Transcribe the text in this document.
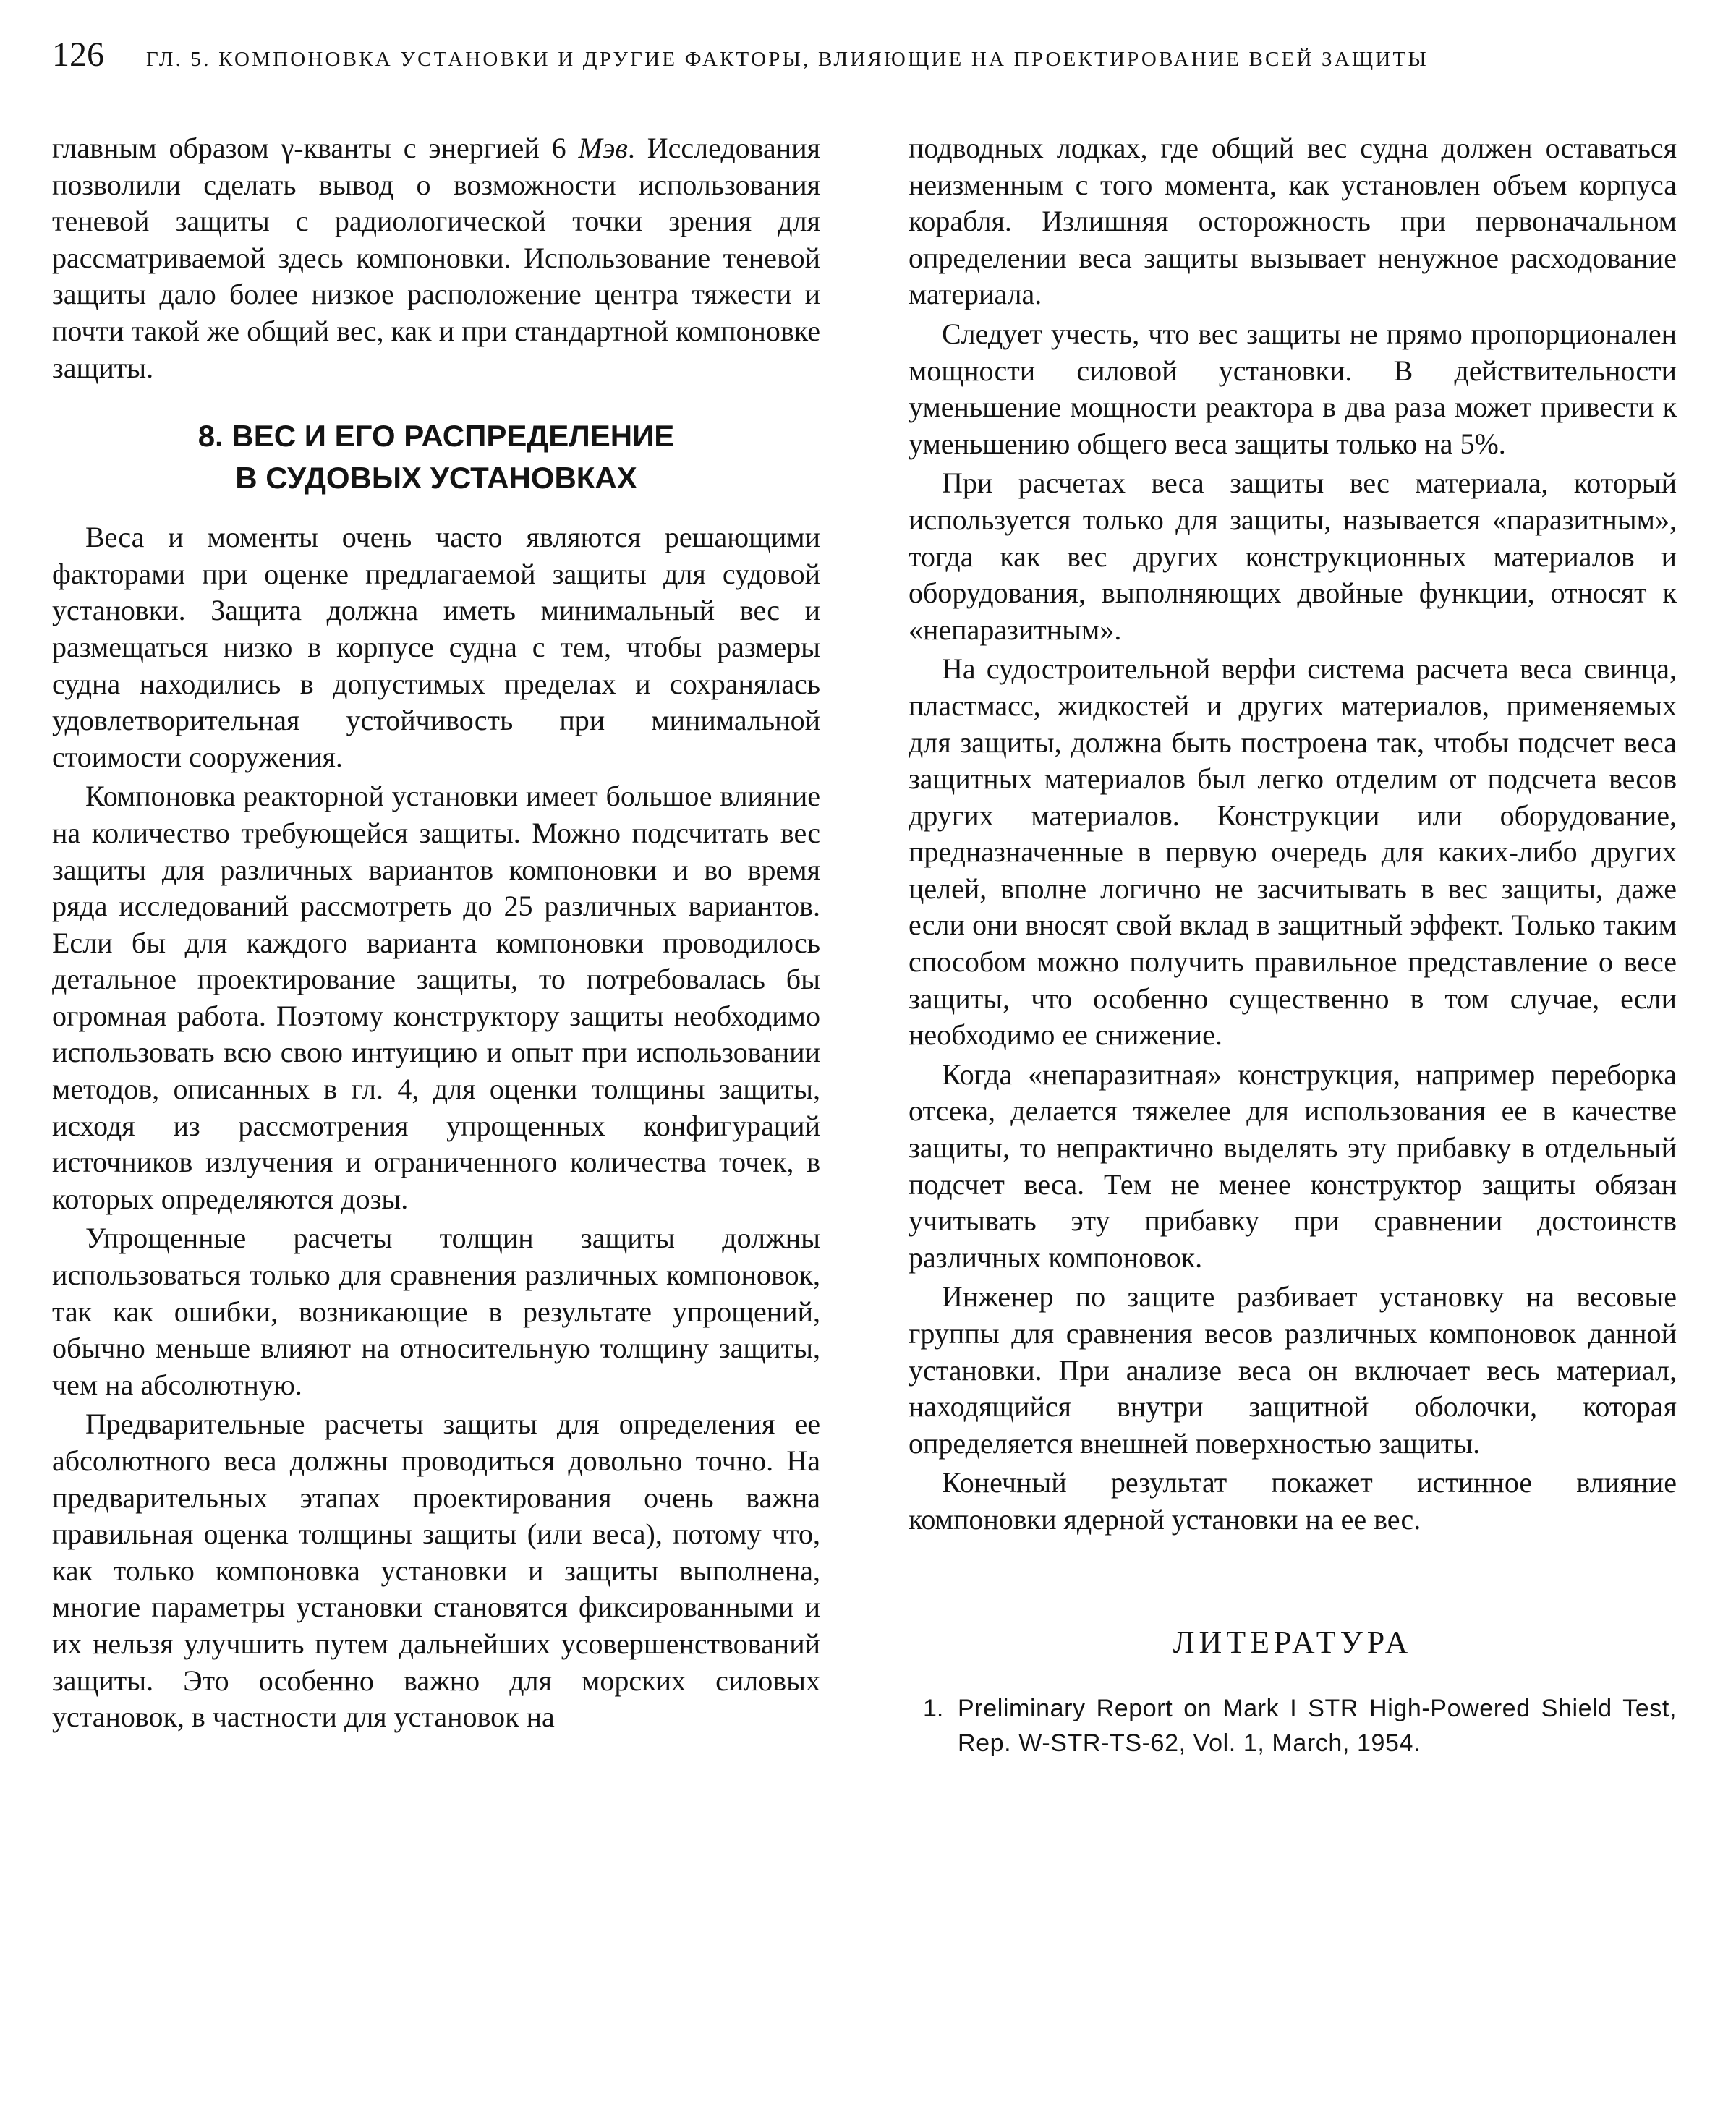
126 ГЛ. 5. КОМПОНОВКА УСТАНОВКИ И ДРУГИЕ ФАКТОРЫ, ВЛИЯЮЩИЕ НА ПРОЕКТИРОВАНИЕ ВСЕЙ ЗАЩИТЫ

главным образом γ-кванты с энергией 6 Мэв. Исследования позволили сделать вывод о возможности использования теневой защиты с радиологической точки зрения для рассматриваемой здесь компоновки. Использование теневой защиты дало более низкое расположение центра тяжести и почти такой же общий вес, как и при стандартной компоновке защиты.

8. ВЕС И ЕГО РАСПРЕДЕЛЕНИЕ
В СУДОВЫХ УСТАНОВКАХ

Веса и моменты очень часто являются решающими факторами при оценке предлагаемой защиты для судовой установки. Защита должна иметь минимальный вес и размещаться низко в корпусе судна с тем, чтобы размеры судна находились в допустимых пределах и сохранялась удовлетворительная устойчивость при минимальной стоимости сооружения.

Компоновка реакторной установки имеет большое влияние на количество требующейся защиты. Можно подсчитать вес защиты для различных вариантов компоновки и во время ряда исследований рассмотреть до 25 различных вариантов. Если бы для каждого варианта компоновки проводилось детальное проектирование защиты, то потребовалась бы огромная работа. Поэтому конструктору защиты необходимо использовать всю свою интуицию и опыт при использовании методов, описанных в гл. 4, для оценки толщины защиты, исходя из рассмотрения упрощенных конфигураций источников излучения и ограниченного количества точек, в которых определяются дозы.

Упрощенные расчеты толщин защиты должны использоваться только для сравнения различных компоновок, так как ошибки, возникающие в результате упрощений, обычно меньше влияют на относительную толщину защиты, чем на абсолютную.

Предварительные расчеты защиты для определения ее абсолютного веса должны проводиться довольно точно. На предварительных этапах проектирования очень важна правильная оценка толщины защиты (или веса), потому что, как только компоновка установки и защиты выполнена, многие параметры установки становятся фиксированными и их нельзя улучшить путем дальнейших усовершенствований защиты. Это особенно важно для морских силовых установок, в частности для установок на

подводных лодках, где общий вес судна должен оставаться неизменным с того момента, как установлен объем корпуса корабля. Излишняя осторожность при первоначальном определении веса защиты вызывает ненужное расходование материала.

Следует учесть, что вес защиты не прямо пропорционален мощности силовой установки. В действительности уменьшение мощности реактора в два раза может привести к уменьшению общего веса защиты только на 5%.

При расчетах веса защиты вес материала, который используется только для защиты, называется «паразитным», тогда как вес других конструкционных материалов и оборудования, выполняющих двойные функции, относят к «непаразитным».

На судостроительной верфи система расчета веса свинца, пластмасс, жидкостей и других материалов, применяемых для защиты, должна быть построена так, чтобы подсчет веса защитных материалов был легко отделим от подсчета весов других материалов. Конструкции или оборудование, предназначенные в первую очередь для каких-либо других целей, вполне логично не засчитывать в вес защиты, даже если они вносят свой вклад в защитный эффект. Только таким способом можно получить правильное представление о весе защиты, что особенно существенно в том случае, если необходимо ее снижение.

Когда «непаразитная» конструкция, например переборка отсека, делается тяжелее для использования ее в качестве защиты, то непрактично выделять эту прибавку в отдельный подсчет веса. Тем не менее конструктор защиты обязан учитывать эту прибавку при сравнении достоинств различных компоновок.

Инженер по защите разбивает установку на весовые группы для сравнения весов различных компоновок данной установки. При анализе веса он включает весь материал, находящийся внутри защитной оболочки, которая определяется внешней поверхностью защиты.

Конечный результат покажет истинное влияние компоновки ядерной установки на ее вес.

ЛИТЕРАТУРА
1. Preliminary Report on Mark I STR High-Powered Shield Test, Rep. W-STR-TS-62, Vol. 1, March, 1954.
